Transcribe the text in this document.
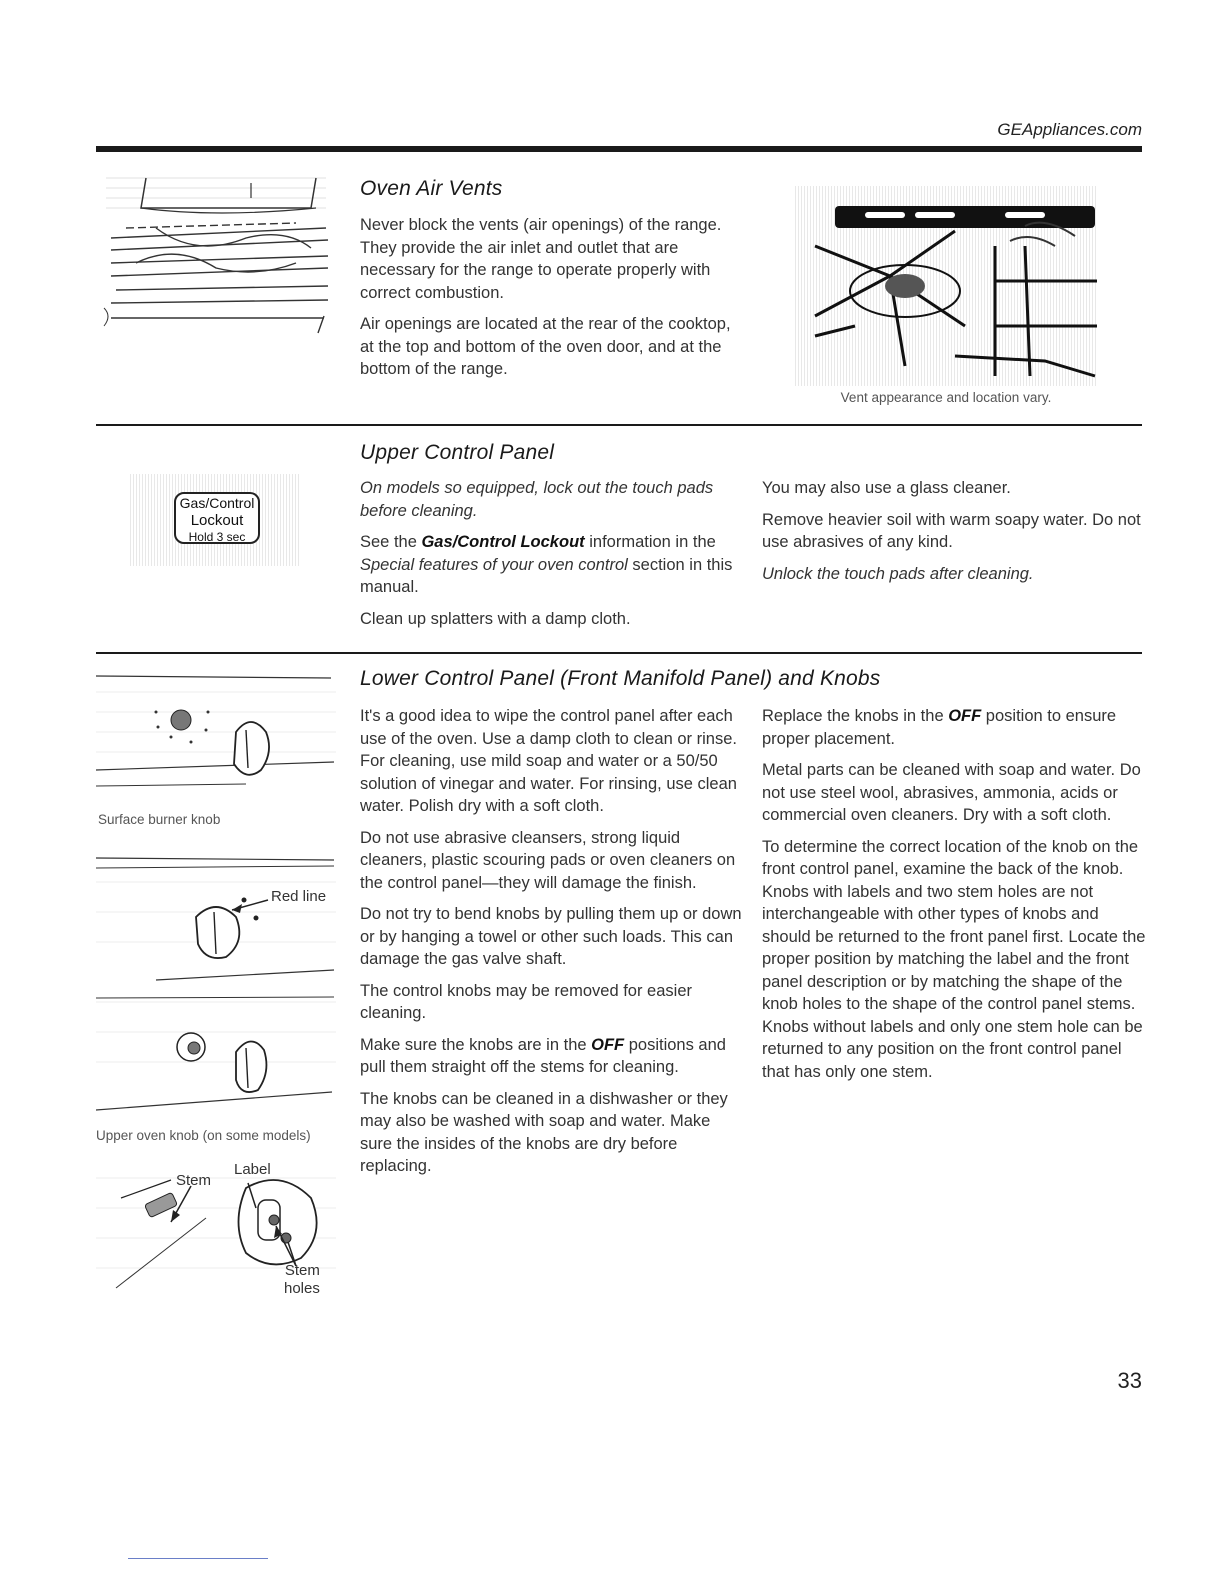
GEAppliances.com
Oven Air Vents

Never block the vents (air openings) of the range. They provide the air inlet and outlet that are necessary for the range to operate properly with correct combustion.

Air openings are located at the rear of the cooktop, at the top and bottom of the oven door, and at the bottom of the range.

Vent appearance and location vary.
Gas/Control
Lockout
Hold 3 sec
Upper Control Panel

On models so equipped, lock out the touch pads before cleaning.

See the Gas/Control Lockout information in the Special features of your oven control section in this manual.

Clean up splatters with a damp cloth.

You may also use a glass cleaner.

Remove heavier soil with warm soapy water. Do not use abrasives of any kind.

Unlock the touch pads after cleaning.

Surface burner knob
Red line
Upper oven knob (on some models)
Stem
Label
Stem
holes
Lower Control Panel (Front Manifold Panel) and Knobs

It's a good idea to wipe the control panel after each use of the oven. Use a damp cloth to clean or rinse. For cleaning, use mild soap and water or a 50/50 solution of vinegar and water. For rinsing, use clean water. Polish dry with a soft cloth.

Do not use abrasive cleansers, strong liquid cleaners, plastic scouring pads or oven cleaners on the control panel—they will damage the finish.

Do not try to bend knobs by pulling them up or down or by hanging a towel or other such loads. This can damage the gas valve shaft.

The control knobs may be removed for easier cleaning.

Make sure the knobs are in the OFF positions and pull them straight off the stems for cleaning.

The knobs can be cleaned in a dishwasher or they may also be washed with soap and water. Make sure the insides of the knobs are dry before replacing.

Replace the knobs in the OFF position to ensure proper placement.

Metal parts can be cleaned with soap and water. Do not use steel wool, abrasives, ammonia, acids or commercial oven cleaners. Dry with a soft cloth.

To determine the correct location of the knob on the front control panel, examine the back of the knob. Knobs with labels and two stem holes are not interchangeable with other types of knobs and should be returned to the front panel first. Locate the proper position by matching the label and the front panel description or by matching the shape of the knob holes to the shape of the control panel stems. Knobs without labels and only one stem hole can be returned to any position on the front control panel that has only one stem.

33
